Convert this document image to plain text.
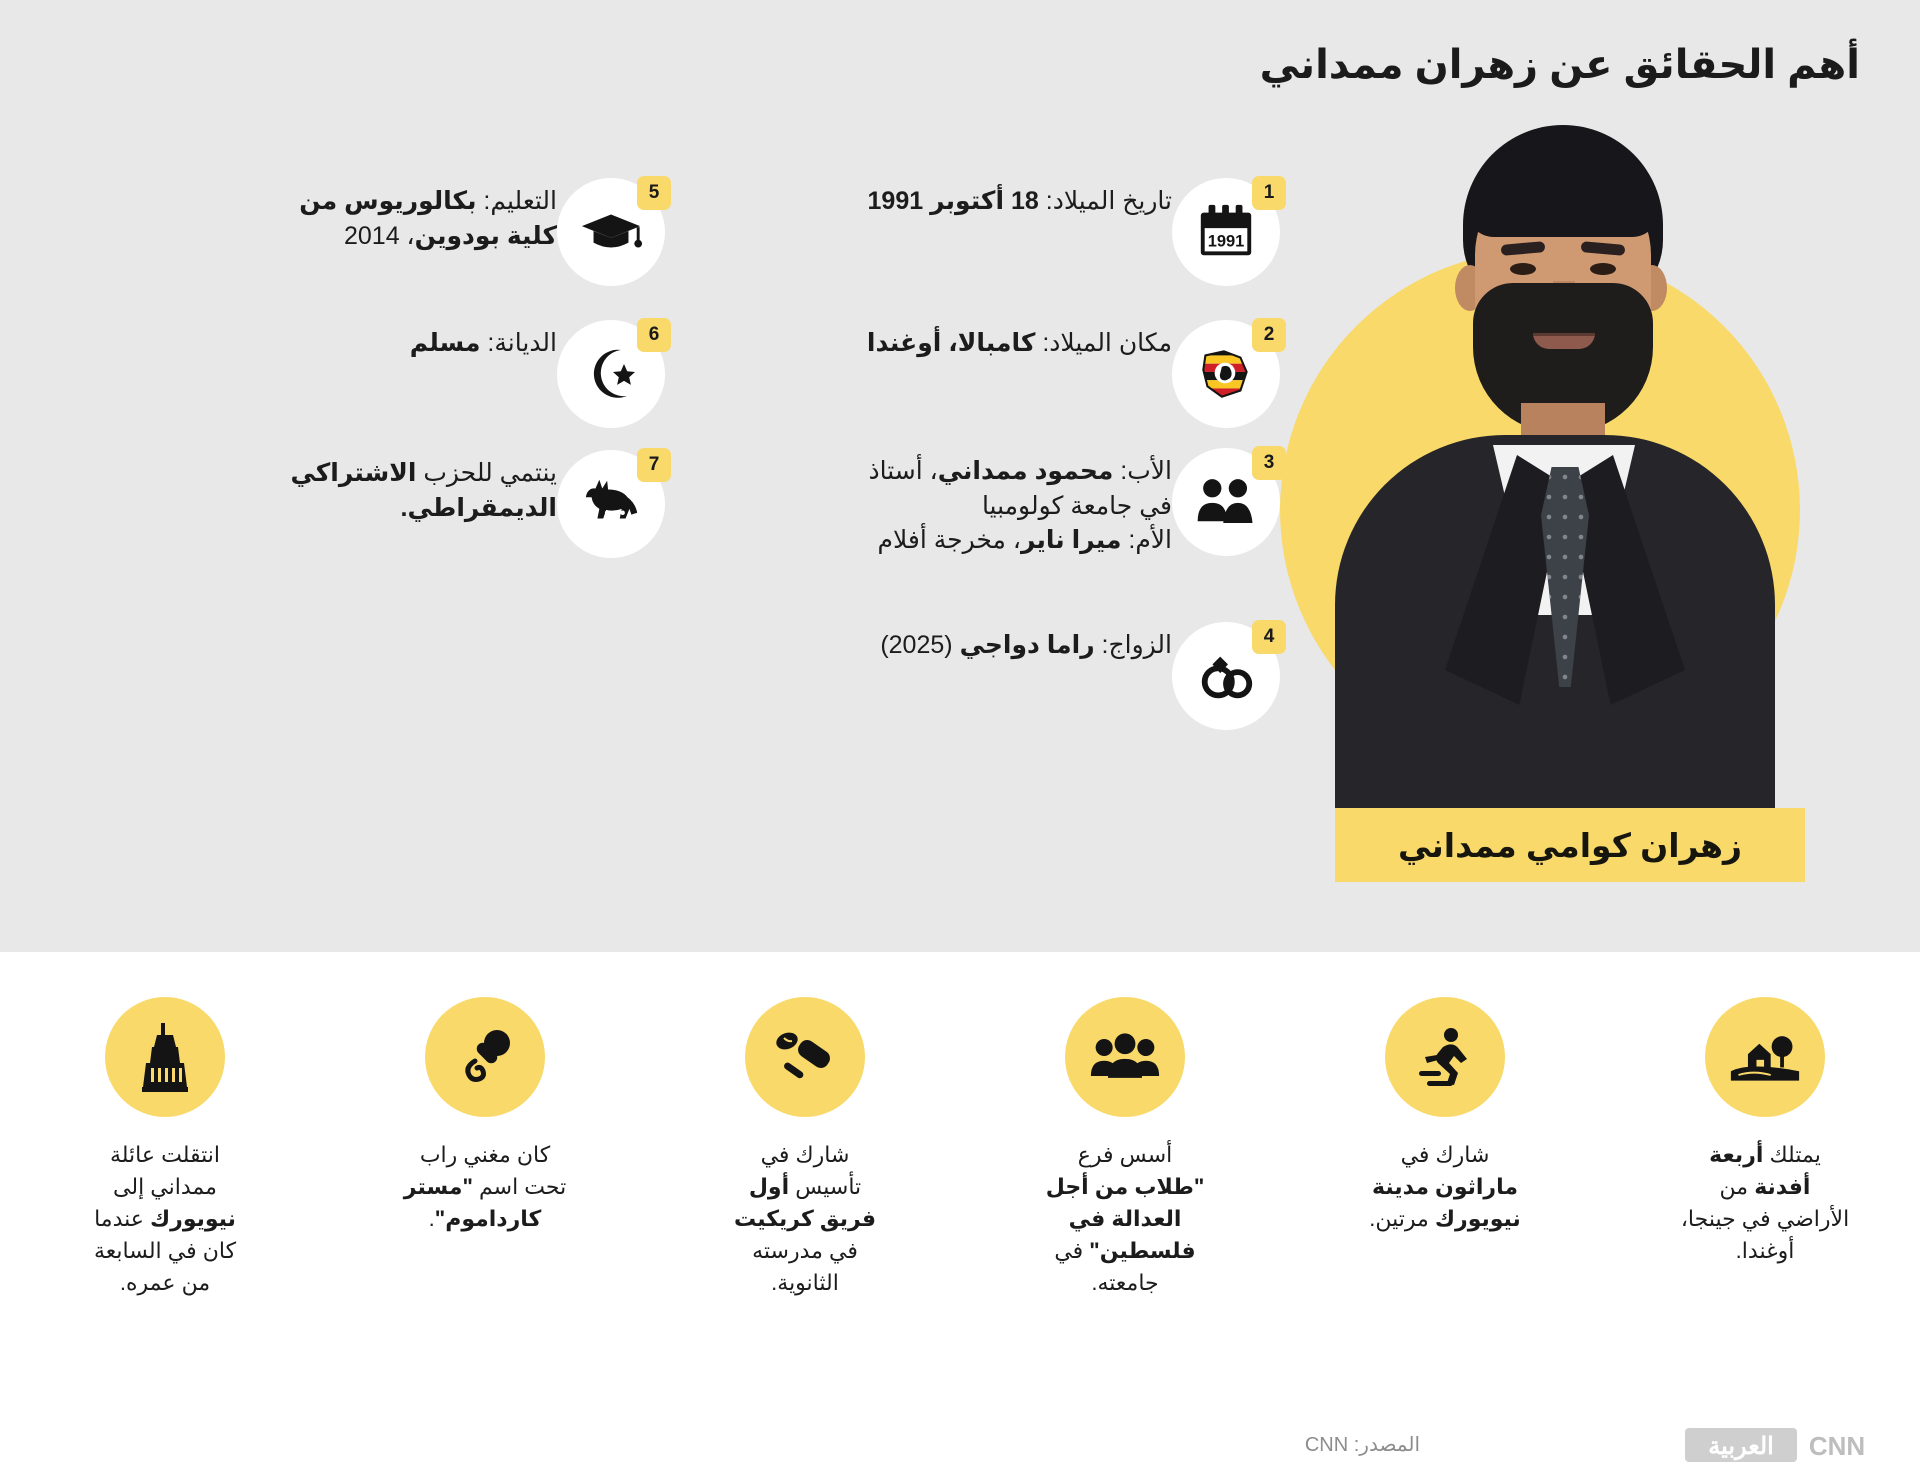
أهم الحقائق عن زهران ممداني
زهران كوامي ممداني
1991
1
تاريخ الميلاد: 18 أكتوبر 1991
2
مكان الميلاد: كامبالا، أوغندا
3
الأب: محمود ممداني، أستاذ
في جامعة كولومبيا
الأم: ميرا ناير، مخرجة أفلام
4
الزواج: راما دواجي (2025)
5
التعليم: بكالوريوس من
كلية بودوين، 2014
6
الديانة: مسلم
7
ينتمي للحزب الاشتراكي
الديمقراطي.
انتقلت عائلة
ممداني إلى
نيويورك عندما
كان في السابعة
من عمره.
كان مغني راب
تحت اسم "مستر
كارداموم".
شارك في
تأسيس أول
فريق كريكيت
في مدرسته
الثانوية.
أسس فرع
"طلاب من أجل
العدالة في
فلسطين" في
جامعته.
شارك في
ماراثون مدينة
نيويورك مرتين.
يمتلك أربعة
أفدنة من
الأراضي في جينجا،
أوغندا.
المصدر: CNN	العربية CNN
